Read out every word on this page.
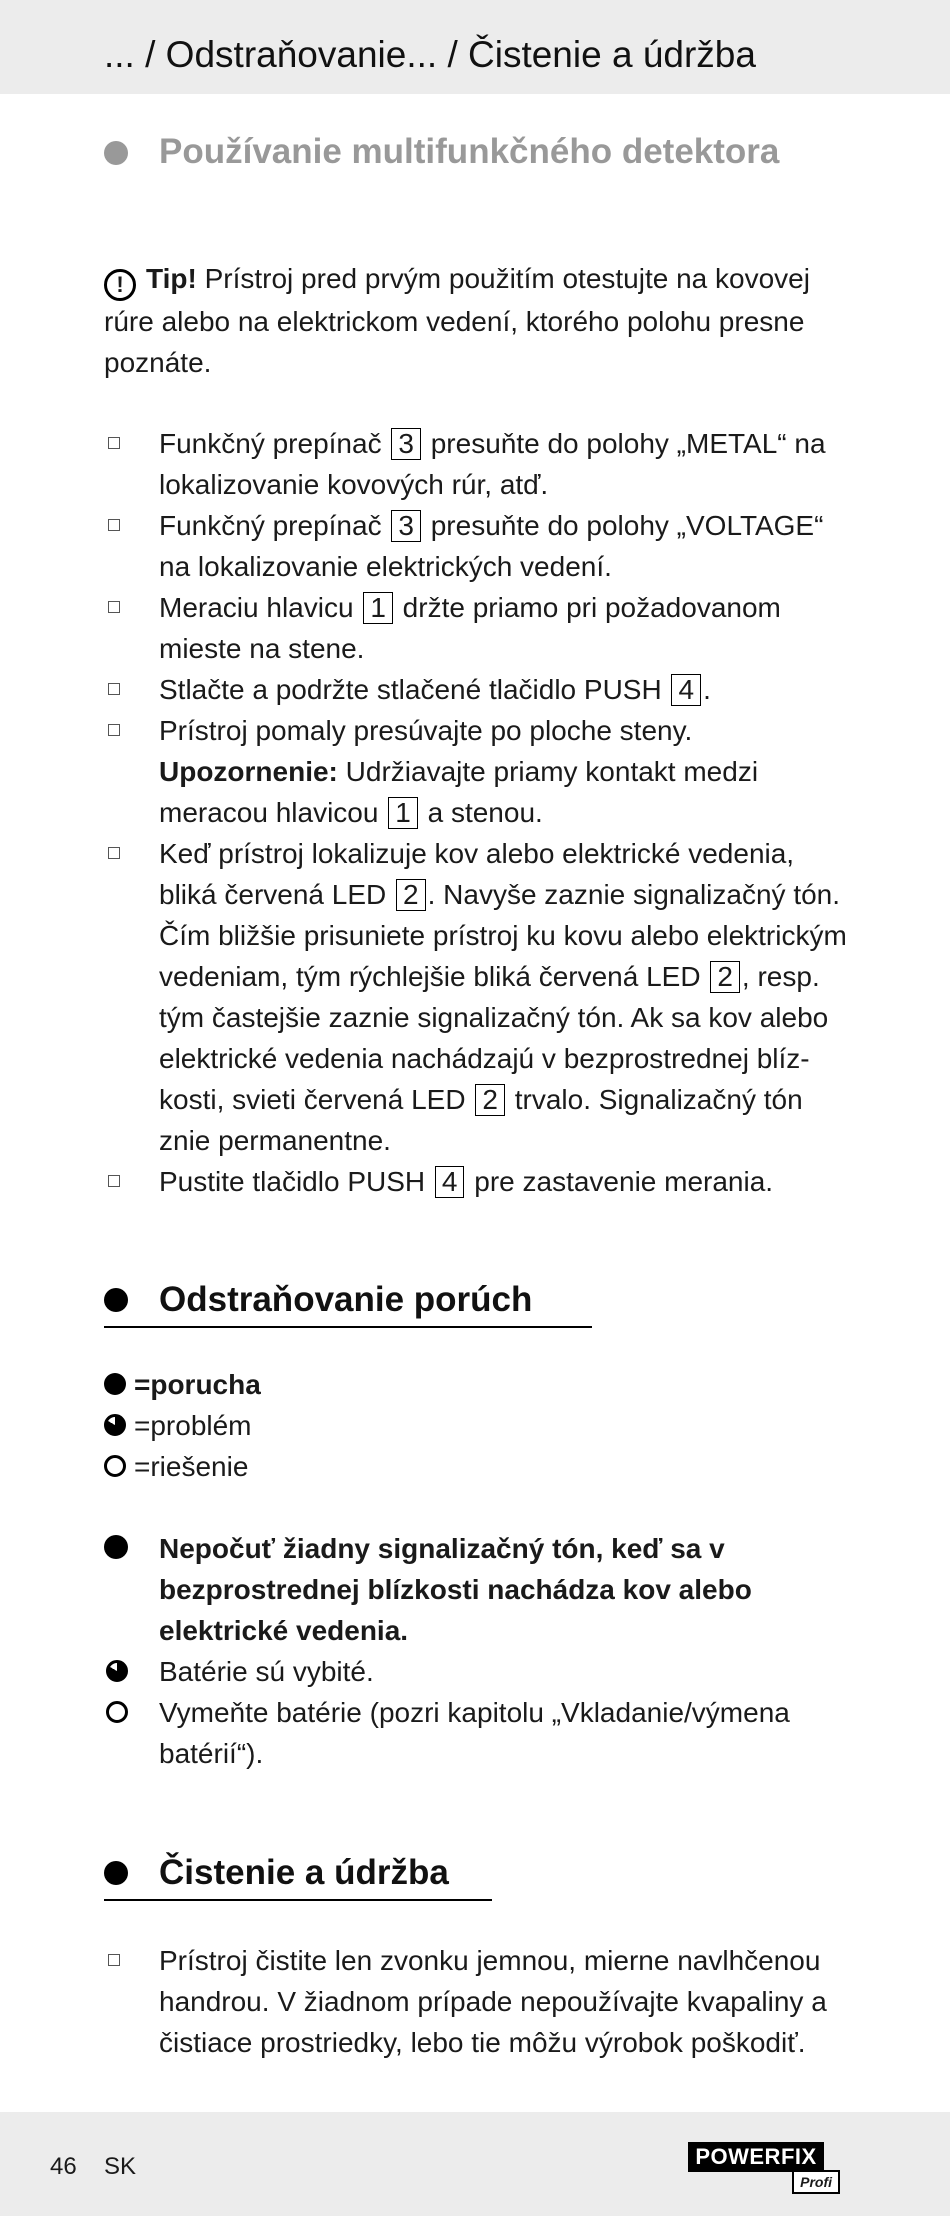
... / Odstraňovanie... / Čistenie a údržba
Používanie multifunkčného detektora
! Tip! Prístroj pred prvým použitím otestujte na kovovej rúre alebo na elektrickom vedení, ktorého polohu presne poznáte.
Funkčný prepínač 3 presuňte do polohy „METAL“ na lokalizovanie kovových rúr, atď.
Funkčný prepínač 3 presuňte do polohy „VOLTAGE“ na lokalizovanie elektrických vedení.
Meraciu hlavicu 1 držte priamo pri požadovanom mieste na stene.
Stlačte a podržte stlačené tlačidlo PUSH 4 .
Prístroj pomaly presúvajte po ploche steny.
Upozornenie: Udržiavajte priamy kontakt medzi meracou hlavicou 1 a stenou.
Keď prístroj lokalizuje kov alebo elektrické vedenia, bliká červená LED 2 . Navyše zaznie signalizačný tón. Čím bližšie prisuniete prístroj ku kovu alebo elektrickým vedeniam, tým rýchlejšie bliká červená LED 2 , resp. tým častejšie zaznie signalizačný tón. Ak sa kov alebo elektrické vedenia nachádzajú v bezprostrednej blíz-kosti, svieti červená LED 2 trvalo. Signalizačný tón znie permanentne.
Pustite tlačidlo PUSH 4 pre zastavenie merania.
Odstraňovanie porúch
=porucha
=problém
=riešenie
Nepočuť žiadny signalizačný tón, keď sa v bezprostrednej blízkosti nachádza kov alebo elektrické vedenia.
Batérie sú vybité.
Vymeňte batérie (pozri kapitolu „Vkladanie/výmena batérií“).
Čistenie a údržba
Prístroj čistite len zvonku jemnou, mierne navlhčenou handrou. V žiadnom prípade nepoužívajte kvapaliny a čistiace prostriedky, lebo tie môžu výrobok poškodiť.
46 SK	POWERFIX
Profi
